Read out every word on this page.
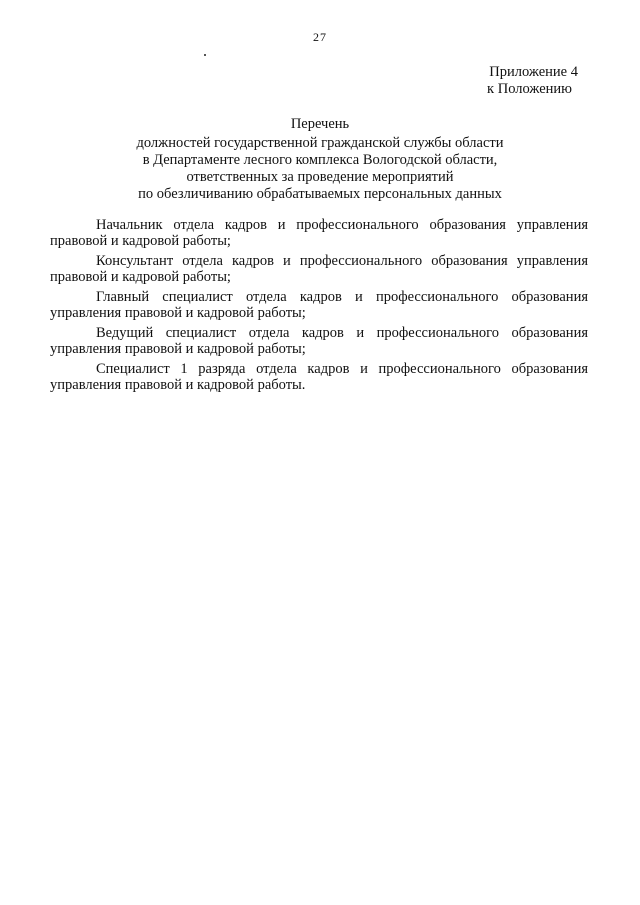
27
Приложение 4
к Положению
Перечень
должностей государственной гражданской службы области
в Департаменте лесного комплекса Вологодской области,
ответственных за проведение мероприятий
по обезличиванию обрабатываемых персональных данных

Начальник отдела кадров и профессионального образования управления правовой и кадровой работы;

Консультант отдела кадров и профессионального образования управления правовой и кадровой работы;

Главный специалист отдела кадров и профессионального образования управления правовой и кадровой работы;

Ведущий специалист отдела кадров и профессионального образования управления правовой и кадровой работы;

Специалист 1 разряда отдела кадров и профессионального образования управления правовой и кадровой работы.
